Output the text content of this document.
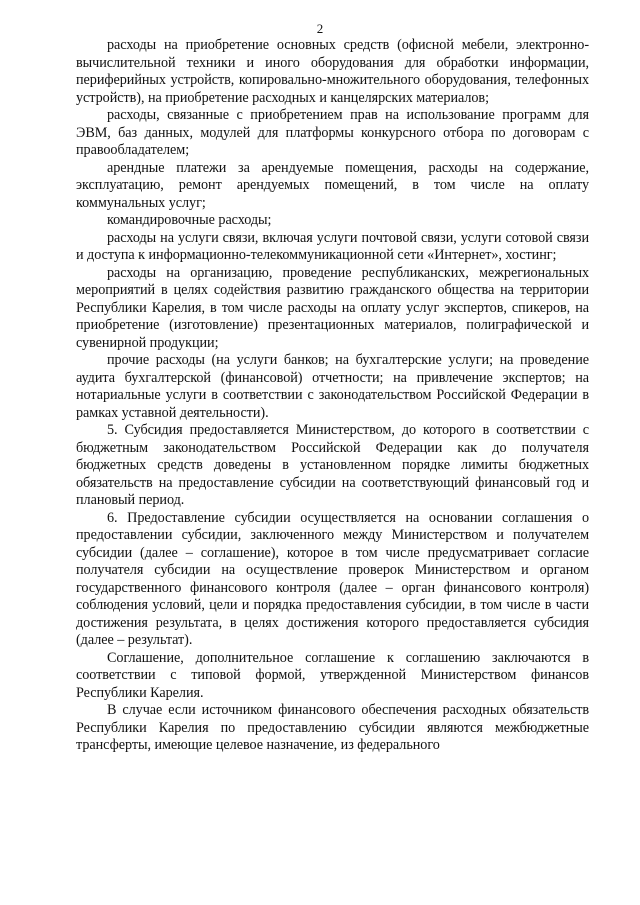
2

расходы на приобретение основных средств (офисной мебели, электронно-вычислительной техники и иного оборудования для обработки информации, периферийных устройств, копировально-множительного оборудования, телефонных устройств), на приобретение расходных и канцелярских материалов;

расходы, связанные с приобретением прав на использование программ для ЭВМ, баз данных, модулей для платформы конкурсного отбора по договорам с правообладателем;

арендные платежи за арендуемые помещения, расходы на содержание, эксплуатацию, ремонт арендуемых помещений, в том числе на оплату коммунальных услуг;

командировочные расходы;

расходы на услуги связи, включая услуги почтовой связи, услуги сотовой связи и доступа к информационно-телекоммуникационной сети «Интернет», хостинг;

расходы на организацию, проведение республиканских, межрегиональных мероприятий в целях содействия развитию гражданского общества на территории Республики Карелия, в том числе расходы на оплату услуг экспертов, спикеров, на приобретение (изготовление) презентационных материалов, полиграфической и сувенирной продукции;

прочие расходы (на услуги банков; на бухгалтерские услуги; на проведение аудита бухгалтерской (финансовой) отчетности; на привлечение экспертов; на нотариальные услуги в соответствии с законодательством Российской Федерации в рамках уставной деятельности).

5. Субсидия предоставляется Министерством, до которого в соответствии с бюджетным законодательством Российской Федерации как до получателя бюджетных средств доведены в установленном порядке лимиты бюджетных обязательств на предоставление субсидии на соответствующий финансовый год и плановый период.

6. Предоставление субсидии осуществляется на основании соглашения о предоставлении субсидии, заключенного между Министерством и получателем субсидии (далее – соглашение), которое в том числе предусматривает согласие получателя субсидии на осуществление проверок Министерством и органом государственного финансового контроля (далее – орган финансового контроля) соблюдения условий, цели и порядка предоставления субсидии, в том числе в части достижения результата, в целях достижения которого предоставляется субсидия (далее – результат).

Соглашение, дополнительное соглашение к соглашению заключаются в соответствии с типовой формой, утвержденной Министерством финансов Республики Карелия.

В случае если источником финансового обеспечения расходных обязательств Республики Карелия по предоставлению субсидии являются межбюджетные трансферты, имеющие целевое назначение, из федерального
